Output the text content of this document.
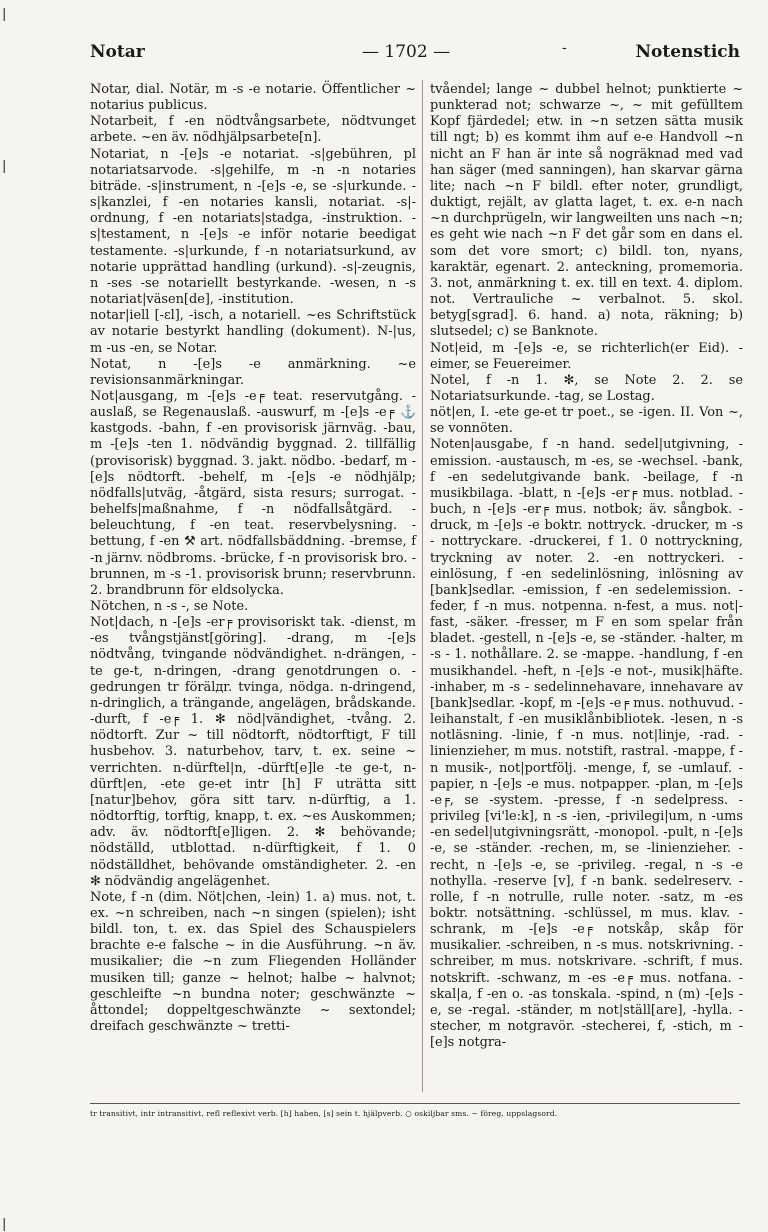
|
|
|
Notar	— 1702 —	-	Notenstich

Notar, dial. Notär, m -s -e notarie. Öffentlicher ~ notarius publicus.

Notarbeit, f -en nödtvångsarbete, nödtvunget arbete. ~en äv. nödhjälpsarbete[n].

Notariat, n -[e]s -e notariat. -s|gebühren, pl notariatsarvode. -s|gehilfe, m -n -n notaries biträde. -s|instrument, n -[e]s -e, se -s|urkunde. -s|kanzlei, f -en notaries kansli, notariat. -s|-ordnung, f -en notariats|stadga, -instruktion. -s|testament, n -[e]s -e inför notarie beedigat testamente. -s|urkunde, f -n notariatsurkund, av notarie upprättad handling (urkund). -s|-zeugnis, n -ses -se notariellt bestyrkande. -wesen, n -s notariat|väsen[de], -institution.

notar|iell [‑ɛl], -isch, a notariell. ~es Schriftstück av notarie bestyrkt handling (dokument). N-|us, m -us -en, se Notar.

Notat, n -[e]s -e anmärkning. ~e revisionsanmärkningar.

Not|ausgang, m -[e]s -e╒ teat. reservutgång. -auslaß, se Regenauslaß. -auswurf, m -[e]s -e╒ ⚓ kastgods. -bahn, f -en provisorisk järnväg. -bau, m -[e]s -ten 1. nödvändig byggnad. 2. tillfällig (provisorisk) byggnad. 3. jakt. nödbo. -bedarf, m -[e]s nödtorft. -behelf, m -[e]s -e nödhjälp; nödfalls|utväg, -åtgärd, sista resurs; surrogat. -behelfs|maßnahme, f -n nödfallsåtgärd. -beleuchtung, f -en teat. reservbelysning. -bettung, f -en ⚒ art. nödfallsbäddning. -bremse, f -n järnv. nödbroms. -brücke, f -n provisorisk bro. -brunnen, m -s -1. provisorisk brunn; reservbrunn. 2. brandbrunn för eldsolycka.

Nötchen, n -s -, se Note.

Not|dach, n -[e]s -er╒ provisoriskt tak. -dienst, m -es tvångstjänst[göring]. -drang, m -[e]s nödtvång, tvingande nödvändighet. n-drängen, -te ge-t, n-dringen, -drang genotdrungen o. -gedrungen tr förälдr. tvinga, nödga. n-dringend, n-dringlich, a trängande, angelägen, brådskande. -durft, f -e╒ 1. ✻ nöd|vändighet, -tvång. 2. nödtorft. Zur ~ till nödtorft, nödtorftigt, F till husbehov. 3. naturbehov, tarv, t. ex. seine ~ verrichten. n-dürftel|n, -dürft[e]le -te ge-t, n-dürft|en, -ete ge-et intr [h] F uträtta sitt [natur]behov, göra sitt tarv. n-dürftig, a 1. nödtorftig, torftig, knapp, t. ex. ~es Auskommen; adv. äv. nödtorft[e]ligen. 2. ✻ behövande; nödställd, utblottad. n-dürftigkeit, f 1. 0 nödställdhet, behövande omständigheter. 2. -en ✻ nödvändig angelägenhet.

Note, f -n (dim. Nöt|chen, -lein) 1. a) mus. not, t. ex. ~n schreiben, nach ~n singen (spielen); isht bildl. ton, t. ex. das Spiel des Schauspielers brachte e-e falsche ~ in die Ausführung. ~n äv. musikalier; die ~n zum Fliegenden Holländer musiken till; ganze ~ helnot; halbe ~ halvnot; geschleifte ~n bundna noter; geschwänzte ~ åttondel; doppeltgeschwänzte ~ sextondel; dreifach geschwänzte ~ tretti-

tvåendel; lange ~ dubbel helnot; punktierte ~ punkterad not; schwarze ~, ~ mit gefülltem Kopf fjärdedel; etw. in ~n setzen sätta musik till ngt; b) es kommt ihm auf e-e Handvoll ~n nicht an F han är inte så nogräknad med vad han säger (med sanningen), han skarvar gärna lite; nach ~n F bildl. efter noter, grundligt, duktigt, rejält, av glatta laget, t. ex. e-n nach ~n durchprügeln, wir langweilten uns nach ~n; es geht wie nach ~n F det går som en dans el. som det vore smort; c) bildl. ton, nyans, karaktär, egenart. 2. anteckning, promemoria. 3. not, anmärkning t. ex. till en text. 4. diplom. not. Vertrauliche ~ verbalnot. 5. skol. betyg[sgrad]. 6. hand. a) nota, räkning; b) slutsedel; c) se Banknote.

Not|eid, m -[e]s -e, se richterlich(er Eid). -eimer, se Feuereimer.

Notel, f -n 1. ✻, se Note 2. 2. se Notariatsurkunde. -tag, se Lostag.

nöt|en, I. -ete ge-et tr poet., se -igen. II. Von ~, se vonnöten.

Noten|ausgabe, f -n hand. sedel|utgivning, -emission. -austausch, m -es, se -wechsel. -bank, f -en sedelutgivande bank. -beilage, f -n musikbilaga. -blatt, n -[e]s -er╒ mus. notblad. -buch, n -[e]s -er╒ mus. notbok; äv. sångbok. -druck, m -[e]s -e boktr. nottryck. -drucker, m -s - nottryckare. -druckerei, f 1. 0 nottryckning, tryckning av noter. 2. -en nottryckeri. -einlösung, f -en sedelinlösning, inlösning av [bank]sedlar. -emission, f -en sedelemission. -feder, f -n mus. notpenna. n-fest, a mus. not|-fast, -säker. -fresser, m F en som spelar från bladet. -gestell, n -[e]s -e, se -ständer. -halter, m -s - 1. nothållare. 2. se -mappe. -handlung, f -en musikhandel. -heft, n -[e]s -e not-, musik|häfte. -inhaber, m -s - sedelinnehavare, innehavare av [bank]sedlar. -kopf, m -[e]s -e╒ mus. nothuvud. -leihanstalt, f -en musiklånbibliotek. -lesen, n -s notläsning. -linie, f -n mus. not|linje, -rad. -linienzieher, m mus. notstift, rastral. -mappe, f -n musik-, not|portfölj. -menge, f, se -umlauf. -papier, n -[e]s -e mus. notpapper. -plan, m -[e]s -e╒, se -system. -presse, f -n sedelpress. -privileg [vi'le:k], n -s -ien, -privilegi|um, n -ums -en sedel|utgivningsrätt, -monopol. -pult, n -[e]s -e, se -ständer. -rechen, m, se -linienzieher. -recht, n -[e]s -e, se -privileg. -regal, n -s -e nothylla. -reserve [v], f -n bank. sedelreserv. -rolle, f -n notrulle, rulle noter. -satz, m -es boktr. notsättning. -schlüssel, m mus. klav. -schrank, m -[e]s -e╒ notskåp, skåp för musikalier. -schreiben, n -s mus. notskrivning. -schreiber, m mus. notskrivare. -schrift, f mus. notskrift. -schwanz, m -es -e╒ mus. notfana. -skal|a, f -en o. -as tonskala. -spind, n (m) -[e]s -e, se -regal. -ständer, m not|ställ[are], -hylla. -stecher, m notgravör. -stecherei, f, -stich, m -[e]s notgra-

tr transitivt, intr intransitivt, refl reflexivt verb. [h] haben, [s] sein t. hjälpverb. ○ oskiljbar sms. ~ föreg. uppslagsord.
